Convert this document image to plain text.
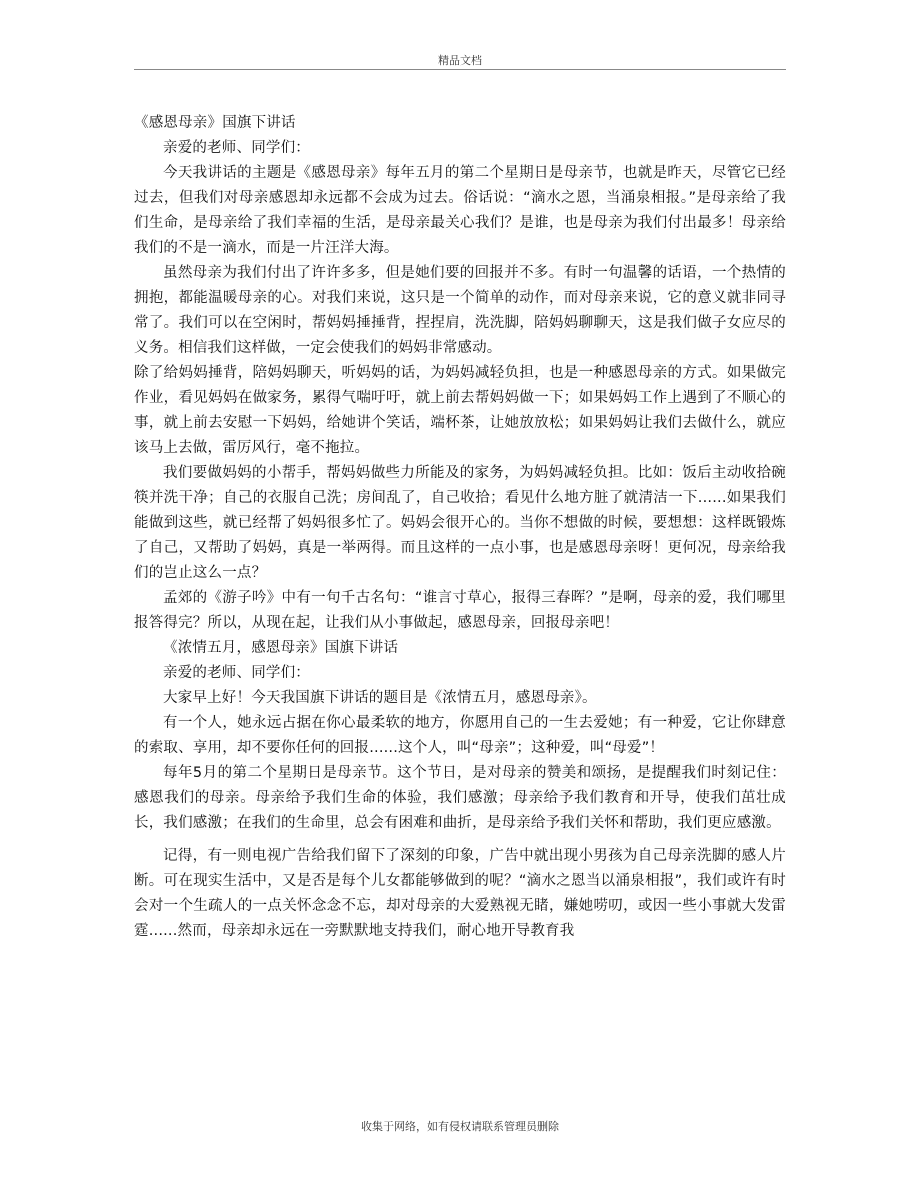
精品文档

《感恩母亲》国旗下讲话

亲爱的老师、同学们：

今天我讲话的主题是《感恩母亲》每年五月的第二个星期日是母亲节，也就是昨天，尽管它已经过去，但我们对母亲感恩却永远都不会成为过去。俗话说：“滴水之恩，当涌泉相报。”是母亲给了我们生命，是母亲给了我们幸福的生活，是母亲最关心我们？是谁，也是母亲为我们付出最多！母亲给我们的不是一滴水，而是一片汪洋大海。

虽然母亲为我们付出了许许多多，但是她们要的回报并不多。有时一句温馨的话语，一个热情的拥抱，都能温暖母亲的心。对我们来说，这只是一个简单的动作，而对母亲来说，它的意义就非同寻常了。我们可以在空闲时，帮妈妈捶捶背，捏捏肩，洗洗脚，陪妈妈聊聊天，这是我们做子女应尽的义务。相信我们这样做，一定会使我们的妈妈非常感动。

除了给妈妈捶背，陪妈妈聊天，听妈妈的话，为妈妈减轻负担，也是一种感恩母亲的方式。如果做完作业，看见妈妈在做家务，累得气喘吁吁，就上前去帮妈妈做一下；如果妈妈工作上遇到了不顺心的事，就上前去安慰一下妈妈，给她讲个笑话，端杯茶，让她放放松；如果妈妈让我们去做什么，就应该马上去做，雷厉风行，毫不拖拉。

我们要做妈妈的小帮手，帮妈妈做些力所能及的家务，为妈妈减轻负担。比如：饭后主动收拾碗筷并洗干净；自己的衣服自己洗；房间乱了，自己收拾；看见什么地方脏了就清洁一下......如果我们能做到这些，就已经帮了妈妈很多忙了。妈妈会很开心的。当你不想做的时候，要想想：这样既锻炼了自己，又帮助了妈妈，真是一举两得。而且这样的一点小事，也是感恩母亲呀！更何况，母亲给我们的岂止这么一点？

孟郊的《游子吟》中有一句千古名句：“谁言寸草心，报得三春晖？”是啊，母亲的爱，我们哪里报答得完？所以，从现在起，让我们从小事做起，感恩母亲，回报母亲吧！

《浓情五月，感恩母亲》国旗下讲话

亲爱的老师、同学们：

大家早上好！今天我国旗下讲话的题目是《浓情五月，感恩母亲》。

有一个人，她永远占据在你心最柔软的地方，你愿用自己的一生去爱她；有一种爱，它让你肆意的索取、享用，却不要你任何的回报......这个人，叫“母亲”；这种爱，叫“母爱”！

每年5月的第二个星期日是母亲节。这个节日，是对母亲的赞美和颂扬，是提醒我们时刻记住：感恩我们的母亲。母亲给予我们生命的体验，我们感激；母亲给予我们教育和开导，使我们茁壮成长，我们感激；在我们的生命里，总会有困难和曲折，是母亲给予我们关怀和帮助，我们更应感激。

记得，有一则电视广告给我们留下了深刻的印象，广告中就出现小男孩为自己母亲洗脚的感人片断。可在现实生活中，又是否是每个儿女都能够做到的呢？“滴水之恩当以涌泉相报”，我们或许有时会对一个生疏人的一点关怀念念不忘，却对母亲的大爱熟视无睹，嫌她唠叨，或因一些小事就大发雷霆......然而，母亲却永远在一旁默默地支持我们，耐心地开导教育我

收集于网络，如有侵权请联系管理员删除
